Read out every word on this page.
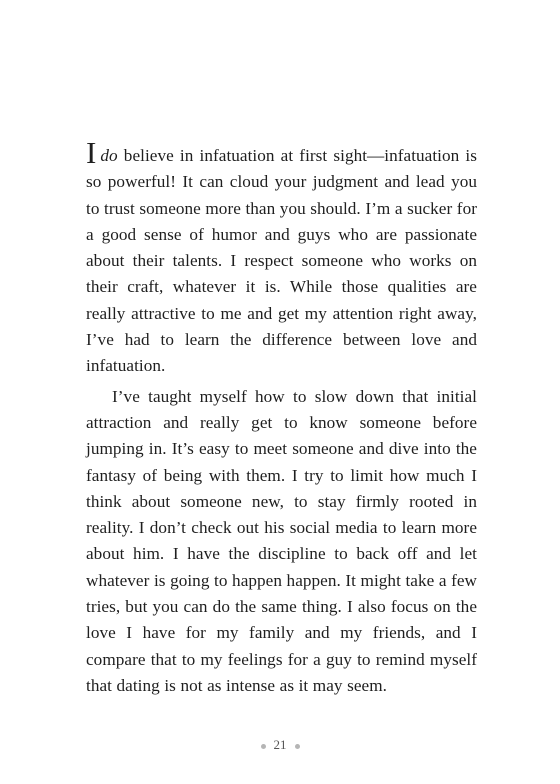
Ido believe in infatuation at first sight—infatuation is so powerful! It can cloud your judgment and lead you to trust someone more than you should. I’m a sucker for a good sense of humor and guys who are passionate about their talents. I respect someone who works on their craft, whatever it is. While those qualities are really attractive to me and get my attention right away, I’ve had to learn the difference between love and infatuation.

I’ve taught myself how to slow down that initial attraction and really get to know someone before jumping in. It’s easy to meet someone and dive into the fantasy of being with them. I try to limit how much I think about someone new, to stay firmly rooted in reality. I don’t check out his social media to learn more about him. I have the discipline to back off and let whatever is going to happen happen. It might take a few tries, but you can do the same thing. I also focus on the love I have for my family and my friends, and I compare that to my feelings for a guy to remind myself that dating is not as intense as it may seem.

21
